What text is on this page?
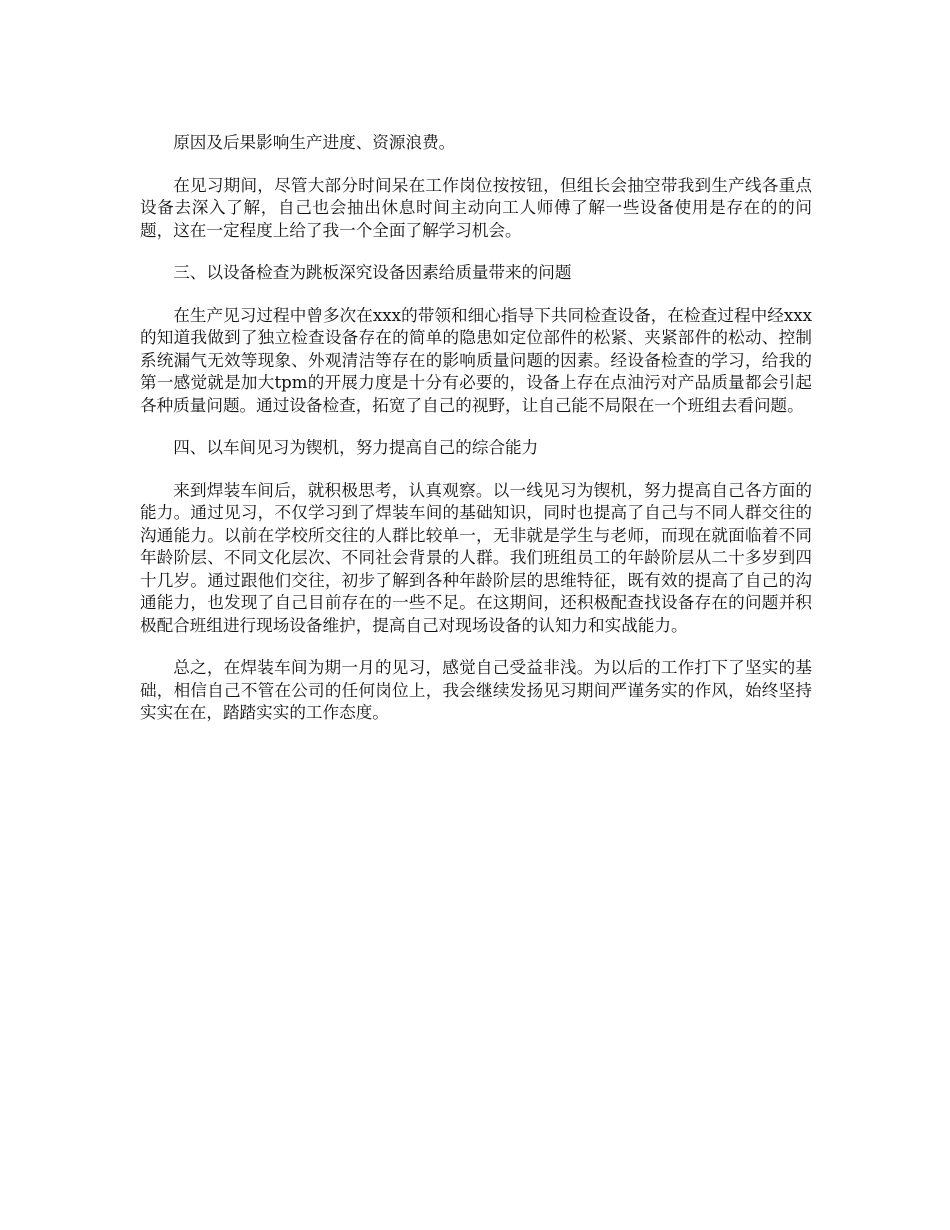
原因及后果影响生产进度、资源浪费。

在见习期间，尽管大部分时间呆在工作岗位按按钮，但组长会抽空带我到生产线各重点设备去深入了解，自己也会抽出休息时间主动向工人师傅了解一些设备使用是存在的的问题，这在一定程度上给了我一个全面了解学习机会。

三、以设备检查为跳板深究设备因素给质量带来的问题

在生产见习过程中曾多次在xxx的带领和细心指导下共同检查设备，在检查过程中经xxx的知道我做到了独立检查设备存在的简单的隐患如定位部件的松紧、夹紧部件的松动、控制系统漏气无效等现象、外观清洁等存在的影响质量问题的因素。经设备检查的学习，给我的第一感觉就是加大tpm的开展力度是十分有必要的，设备上存在点油污对产品质量都会引起各种质量问题。通过设备检查，拓宽了自己的视野，让自己能不局限在一个班组去看问题。

四、以车间见习为锲机，努力提高自己的综合能力

来到焊装车间后，就积极思考，认真观察。以一线见习为锲机，努力提高自己各方面的能力。通过见习，不仅学习到了焊装车间的基础知识，同时也提高了自己与不同人群交往的沟通能力。以前在学校所交往的人群比较单一，无非就是学生与老师，而现在就面临着不同年龄阶层、不同文化层次、不同社会背景的人群。我们班组员工的年龄阶层从二十多岁到四十几岁。通过跟他们交往，初步了解到各种年龄阶层的思维特征，既有效的提高了自己的沟通能力，也发现了自己目前存在的一些不足。在这期间，还积极配查找设备存在的问题并积极配合班组进行现场设备维护，提高自己对现场设备的认知力和实战能力。

总之，在焊装车间为期一月的见习，感觉自己受益非浅。为以后的工作打下了坚实的基础，相信自己不管在公司的任何岗位上，我会继续发扬见习期间严谨务实的作风，始终坚持实实在在，踏踏实实的工作态度。
